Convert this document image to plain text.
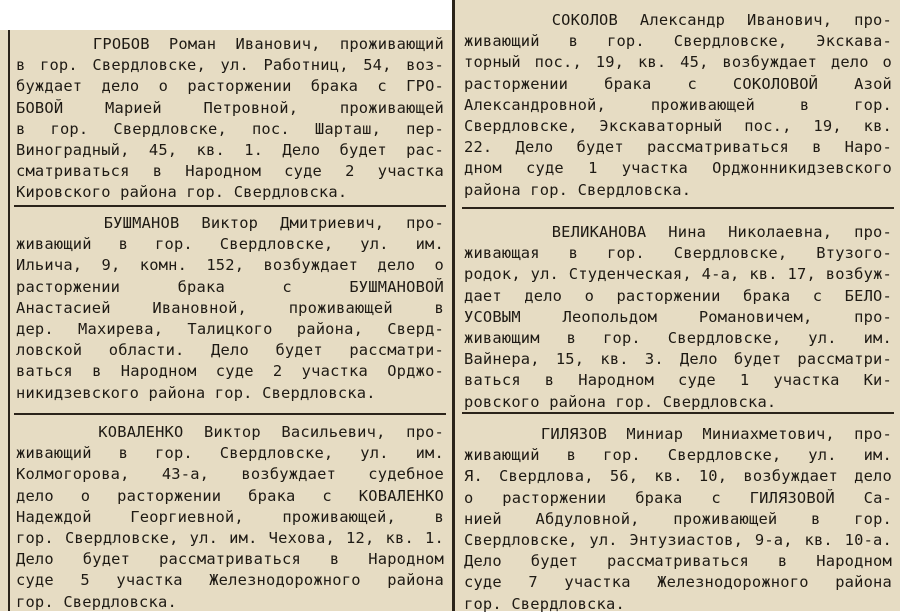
ГРОБОВ Роман Иванович, проживающий
в гор. Свердловске, ул. Работниц, 54, воз-
буждает дело о расторжении брака с ГРО-
БОВОЙ Марией Петровной, проживающей
в гор. Свердловске, пос. Шарташ, пер-
Виноградный, 45, кв. 1. Дело будет рас-
сматриваться в Народном суде 2 участка
Кировского района гор. Свердловска.
БУШМАНОВ Виктор Дмитриевич, про-
живающий в гор. Свердловске, ул. им.
Ильича, 9, комн. 152, возбуждает дело о
расторжении брака с БУШМАНОВОЙ
Анастасией Ивановной, проживающей в
дер. Махирева, Талицкого района, Сверд-
ловской области. Дело будет рассматри-
ваться в Народном суде 2 участка Орджо-
никидзевского района гор. Свердловска.
КОВАЛЕНКО Виктор Васильевич, про-
живающий в гор. Свердловске, ул. им.
Колмогорова, 43-а, возбуждает судебное
дело о расторжении брака с КОВАЛЕНКО
Надеждой Георгиевной, проживающей, в
гор. Свердловске, ул. им. Чехова, 12, кв. 1.
Дело будет рассматриваться в Народном
суде 5 участка Железнодорожного района
гор. Свердловска.
СОКОЛОВ Александр Иванович, про-
живающий в гор. Свердловске, Экскава-
торный пос., 19, кв. 45, возбуждает дело о
расторжении брака с СОКОЛОВОЙ Азой
Александровной, проживающей в гор.
Свердловске, Экскаваторный пос., 19, кв.
22. Дело будет рассматриваться в Наро-
дном суде 1 участка Орджонникидзевского
района гор. Свердловска.
ВЕЛИКАНОВА Нина Николаевна, про-
живающая в гор. Свердловске, Втузого-
родок, ул. Студенческая, 4-а, кв. 17, возбуж-
дает дело о расторжении брака с БЕЛО-
УСОВЫМ Леопольдом Романовичем, про-
живающим в гор. Свердловске, ул. им.
Вайнера, 15, кв. 3. Дело будет рассматри-
ваться в Народном суде 1 участка Ки-
ровского района гор. Свердловска.
ГИЛЯЗОВ Миниар Миниахметович, про-
живающий в гор. Свердловске, ул. им.
Я. Свердлова, 56, кв. 10, возбуждает дело
о расторжении брака с ГИЛЯЗОВОЙ Са-
нией Абдуловной, проживающей в гор.
Свердловске, ул. Энтузиастов, 9-а, кв. 10-а.
Дело будет рассматриваться в Народном
суде 7 участка Железнодорожного района
гор. Свердловска.
